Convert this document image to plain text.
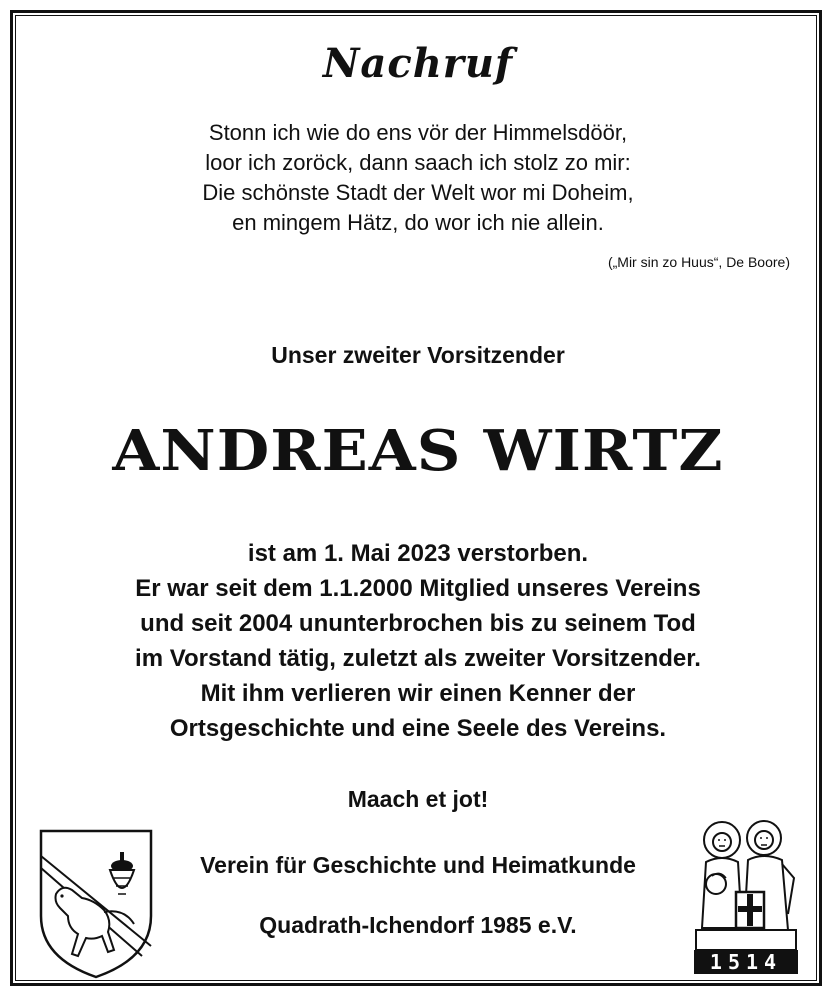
Nachruf
Stonn ich wie do ens vör der Himmelsdöör,
loor ich zoröck, dann saach ich stolz zo mir:
Die schönste Stadt der Welt wor mi Doheim,
en mingem Hätz, do wor ich nie allein.
(„Mir sin zo Huus“, De Boore)
Unser zweiter Vorsitzender
ANDREAS WIRTZ
ist am 1. Mai 2023 verstorben.
Er war seit dem 1.1.2000 Mitglied unseres Vereins
und seit 2004 ununterbrochen bis zu seinem Tod
im Vorstand tätig, zuletzt als zweiter Vorsitzender.
Mit ihm verlieren wir einen Kenner der
Ortsgeschichte und eine Seele des Vereins.
Maach et jot!
Verein für Geschichte und Heimatkunde
Quadrath-Ichendorf 1985 e.V.
1514
